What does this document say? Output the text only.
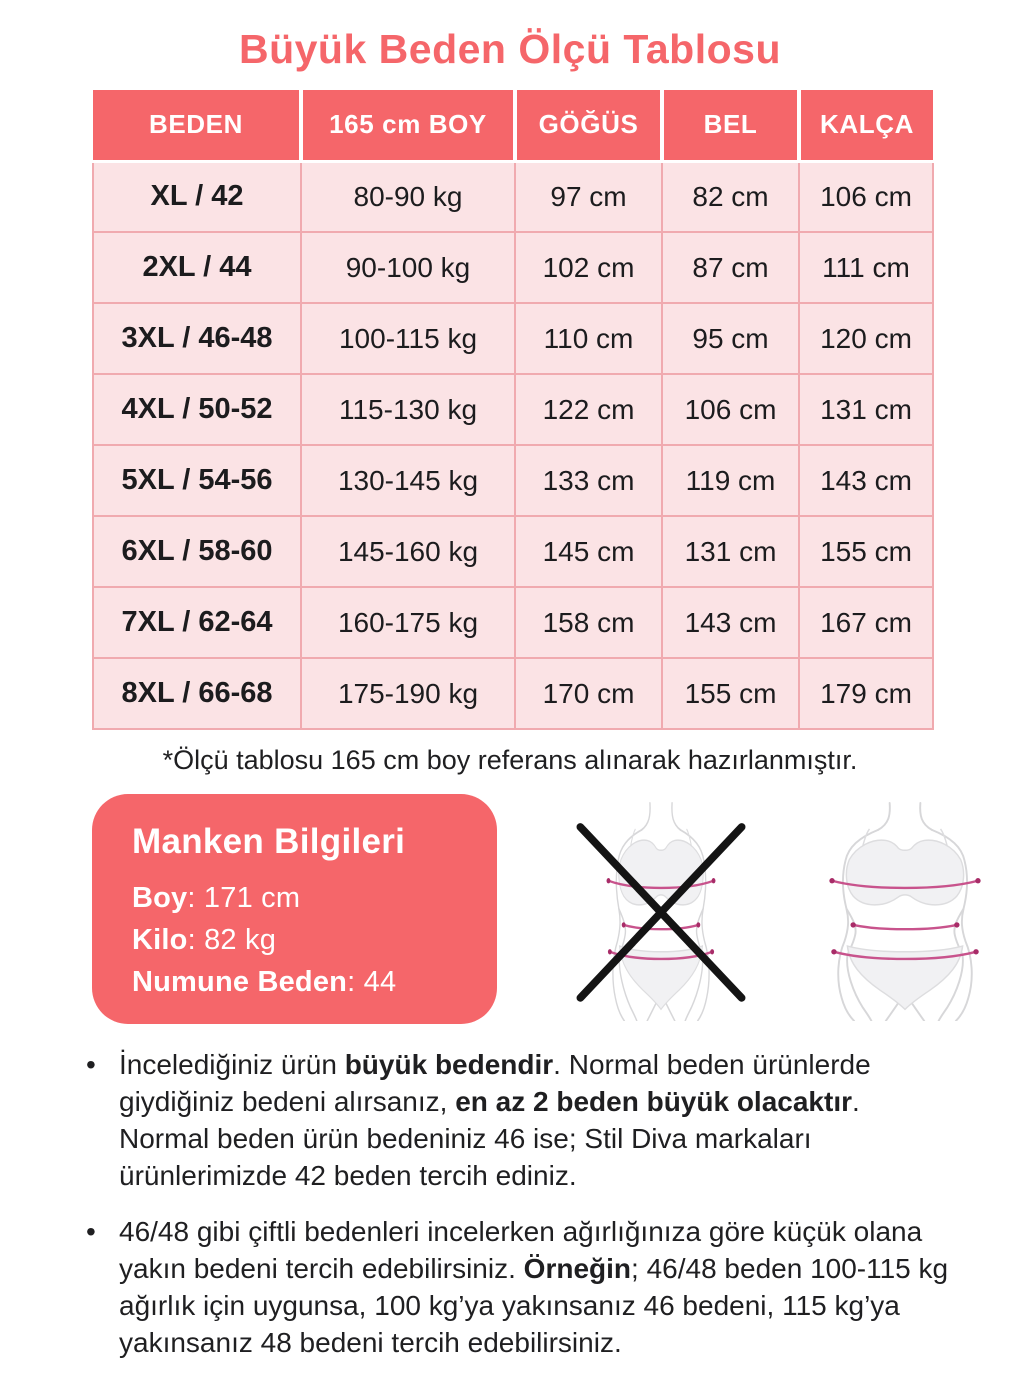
Büyük Beden Ölçü Tablosu
BEDEN	165 cm BOY	GÖĞÜS	BEL	KALÇA
XL / 42	80-90 kg	97 cm	82 cm	106 cm
2XL / 44	90-100 kg	102 cm	87 cm	111 cm
3XL / 46-48	100-115 kg	110 cm	95 cm	120 cm
4XL / 50-52	115-130 kg	122 cm	106 cm	131 cm
5XL / 54-56	130-145 kg	133 cm	119 cm	143 cm
6XL / 58-60	145-160 kg	145 cm	131 cm	155 cm
7XL / 62-64	160-175 kg	158 cm	143 cm	167 cm
8XL / 66-68	175-190 kg	170 cm	155 cm	179 cm
*Ölçü tablosu 165 cm boy referans alınarak hazırlanmıştır.
Manken Bilgileri
Boy: 171 cm
Kilo: 82 kg
Numune Beden: 44
• İncelediğiniz ürün büyük bedendir. Normal beden ürünlerde giydiğiniz bedeni alırsanız, en az 2 beden büyük olacaktır. Normal beden ürün bedeniniz 46 ise; Stil Diva markaları ürünlerimizde 42 beden tercih ediniz.
• 46/48 gibi çiftli bedenleri incelerken ağırlığınıza göre küçük olana yakın bedeni tercih edebilirsiniz. Örneğin; 46/48 beden 100-115 kg ağırlık için uygunsa, 100 kg’ya yakınsanız 46 bedeni, 115 kg’ya yakınsanız 48 bedeni tercih edebilirsiniz.
